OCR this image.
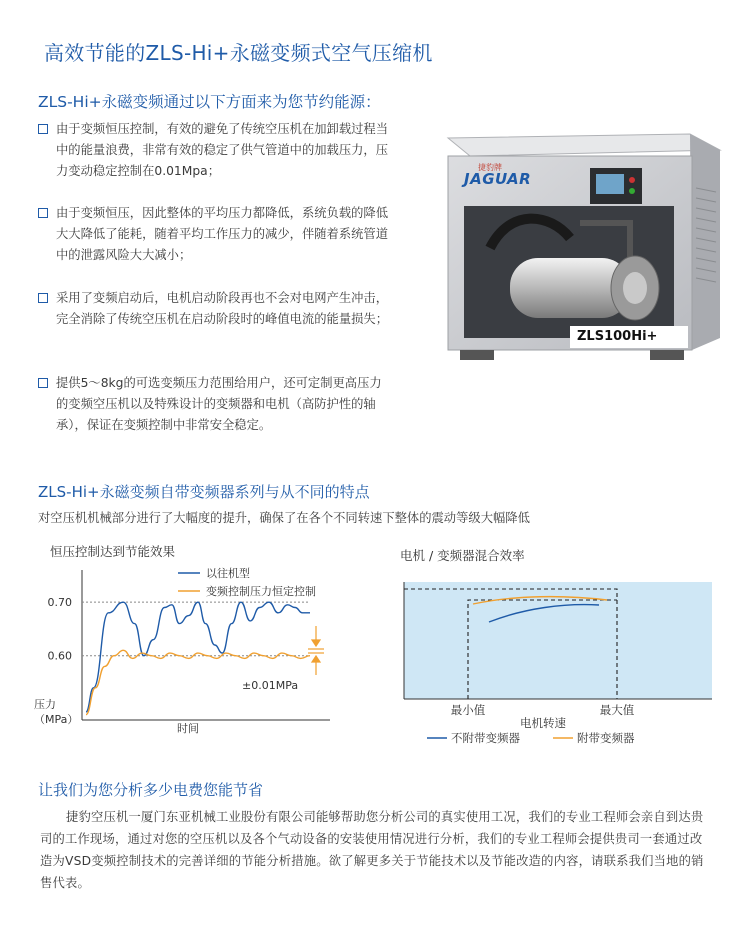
高效节能的ZLS-Hi+永磁变频式空气压缩机
ZLS-Hi+永磁变频通过以下方面来为您节约能源：
由于变频恒压控制，有效的避免了传统空压机在加卸载过程当中的能量浪费，非常有效的稳定了供气管道中的加载压力，压力变动稳定控制在0.01Mpa；
由于变频恒压，因此整体的平均压力都降低，系统负载的降低大大降低了能耗，随着平均工作压力的减少，伴随着系统管道中的泄露风险大大减小；
采用了变频启动后，电机启动阶段再也不会对电网产生冲击，完全消除了传统空压机在启动阶段时的峰值电流的能量损失；
提供5～8kg的可选变频压力范围给用户，还可定制更高压力的变频空压机以及特殊设计的变频器和电机（高防护性的轴承），保证在变频控制中非常安全稳定。
捷豹牌
JAGUAR
ZLS100Hi+
ZLS-Hi+永磁变频自带变频器系列与从不同的特点
对空压机机械部分进行了大幅度的提升，确保了在各个不同转速下整体的震动等级大幅降低
恒压控制达到节能效果
0.70
0.60
以往机型
变频控制压力恒定控制
±0.01MPa
时间
压力（MPa）
电机 / 变频器混合效率
最小值	最大值
电机转速
不附带变频器	附带变频器
让我们为您分析多少电费您能节省
捷豹空压机一厦门东亚机械工业股份有限公司能够帮助您分析公司的真实使用工况，我们的专业工程师会亲自到达贵司的工作现场，通过对您的空压机以及各个气动设备的安装使用情况进行分析，我们的专业工程师会提供贵司一套通过改造为VSD变频控制技术的完善详细的节能分析措施。欲了解更多关于节能技术以及节能改造的内容，请联系我们当地的销售代表。
